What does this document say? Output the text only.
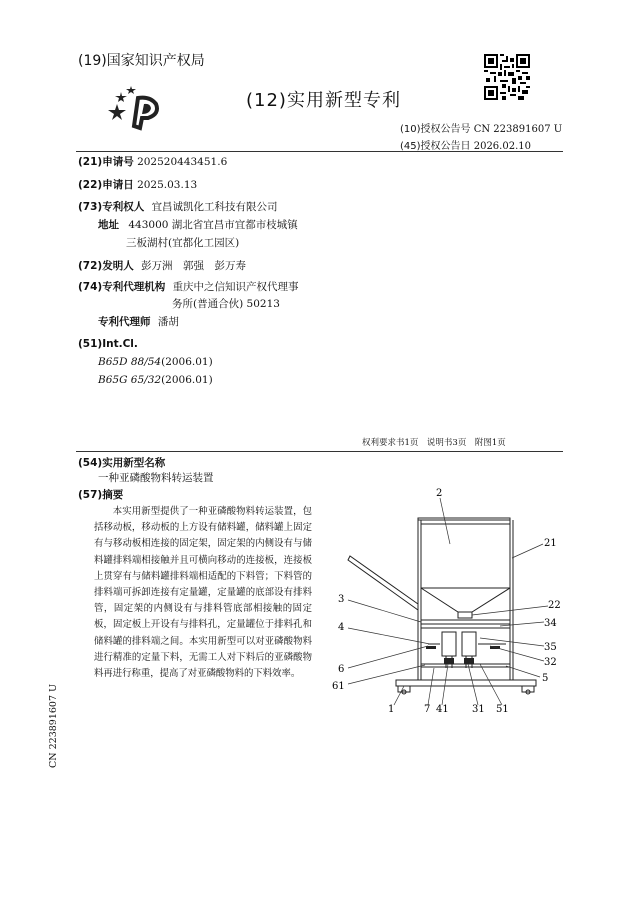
(19)国家知识产权局
(12)实用新型专利
(10)授权公告号 CN 223891607 U
(45)授权公告日 2026.02.10
(21)申请号 202520443451.6
(22)申请日 2025.03.13
(73)专利权人 宜昌诚凯化工科技有限公司
地址 443000 湖北省宜昌市宜都市枝城镇
三板湖村(宜都化工园区)
(72)发明人 彭万洲　郭强　彭万寿
(74)专利代理机构 重庆中之信知识产权代理事
务所(普通合伙) 50213
专利代理师 潘胡
(51)Int.Cl.
B65D 88/54(2006.01)
B65G 65/32(2006.01)
权利要求书1页　说明书3页　附图1页
(54)实用新型名称
一种亚磷酸物料转运装置
(57)摘要
本实用新型提供了一种亚磷酸物料转运装置，包括移动板，移动板的上方设有储料罐，储料罐上固定有与移动板相连接的固定架，固定架的内侧设有与储料罐排料端相接触并且可横向移动的连接板，连接板上贯穿有与储料罐排料端相适配的下料管；下料管的排料端可拆卸连接有定量罐，定量罐的底部设有排料管，固定架的内侧设有与排料管底部相接触的固定板，固定板上开设有与排料孔，定量罐位于排料孔和储料罐的排料端之间。本实用新型可以对亚磷酸物料进行精准的定量下料，无需工人对下料后的亚磷酸物料再进行称重，提高了对亚磷酸物料的下料效率。
CN 223891607 U
2
21
3
22
4	34
35
6
32
61
5
1	7 41 31 51
